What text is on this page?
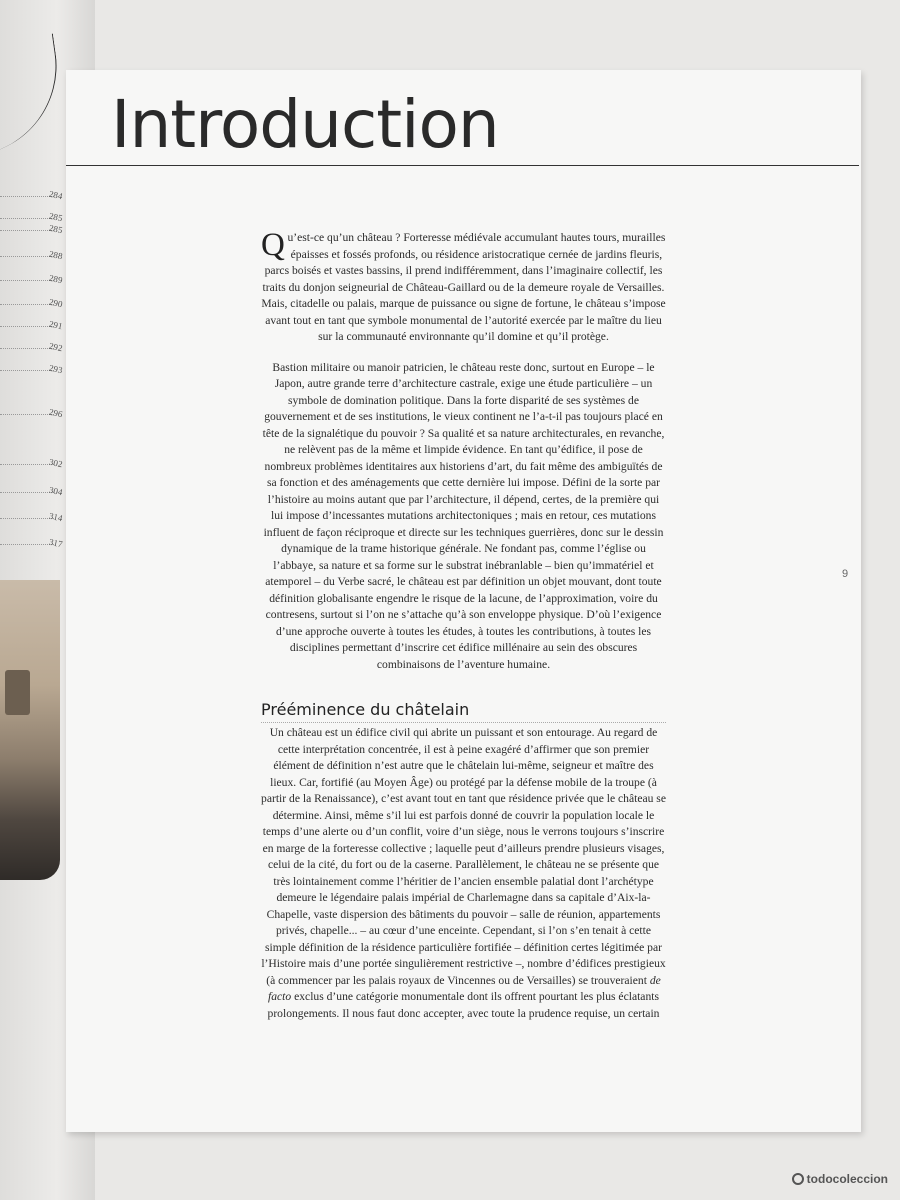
284
285
285
288
289
290
291
292
293
296
302
304
314
317
Introduction

Qu’est-ce qu’un château ? Forteresse médiévale accumulant hautes tours, murailles épaisses et fossés profonds, ou résidence aristocratique cernée de jardins fleuris, parcs boisés et vastes bassins, il prend indifféremment, dans l’imaginaire collectif, les traits du donjon seigneurial de Château-Gaillard ou de la demeure royale de Versailles. Mais, citadelle ou palais, marque de puissance ou signe de fortune, le château s’impose avant tout en tant que symbole monumental de l’autorité exercée par le maître du lieu sur la communauté environnante qu’il domine et qu’il protège.

Bastion militaire ou manoir patricien, le château reste donc, surtout en Europe – le Japon, autre grande terre d’architecture castrale, exige une étude particulière – un symbole de domination politique. Dans la forte disparité de ses systèmes de gouvernement et de ses institutions, le vieux continent ne l’a-t-il pas toujours placé en tête de la signalétique du pouvoir ? Sa qualité et sa nature architecturales, en revanche, ne relèvent pas de la même et limpide évidence. En tant qu’édifice, il pose de nombreux problèmes identitaires aux historiens d’art, du fait même des ambiguïtés de sa fonction et des aménagements que cette dernière lui impose. Défini de la sorte par l’histoire au moins autant que par l’architecture, il dépend, certes, de la première qui lui impose d’incessantes mutations architectoniques ; mais en retour, ces mutations influent de façon réciproque et directe sur les techniques guerrières, donc sur le dessin dynamique de la trame historique générale. Ne fondant pas, comme l’église ou l’abbaye, sa nature et sa forme sur le substrat inébranlable – bien qu’immatériel et atemporel – du Verbe sacré, le château est par définition un objet mouvant, dont toute définition globalisante engendre le risque de la lacune, de l’approximation, voire du contresens, surtout si l’on ne s’attache qu’à son enveloppe physique. D’où l’exigence d’une approche ouverte à toutes les études, à toutes les contributions, à toutes les disciplines permettant d’inscrire cet édifice millénaire au sein des obscures combinaisons de l’aventure humaine.

Prééminence du châtelain

Un château est un édifice civil qui abrite un puissant et son entourage. Au regard de cette interprétation concentrée, il est à peine exagéré d’affirmer que son premier élément de définition n’est autre que le châtelain lui-même, seigneur et maître des lieux. Car, fortifié (au Moyen Âge) ou protégé par la défense mobile de la troupe (à partir de la Renaissance), c’est avant tout en tant que résidence privée que le château se détermine. Ainsi, même s’il lui est parfois donné de couvrir la population locale le temps d’une alerte ou d’un conflit, voire d’un siège, nous le verrons toujours s’inscrire en marge de la forteresse collective ; laquelle peut d’ailleurs prendre plusieurs visages, celui de la cité, du fort ou de la caserne. Parallèlement, le château ne se présente que très lointainement comme l’héritier de l’ancien ensemble palatial dont l’archétype demeure le légendaire palais impérial de Charlemagne dans sa capitale d’Aix-la-Chapelle, vaste dispersion des bâtiments du pouvoir – salle de réunion, appartements privés, chapelle... – au cœur d’une enceinte. Cependant, si l’on s’en tenait à cette simple définition de la résidence particulière fortifiée – définition certes légitimée par l’Histoire mais d’une portée singulièrement restrictive –, nombre d’édifices prestigieux (à commencer par les palais royaux de Vincennes ou de Versailles) se trouveraient de facto exclus d’une catégorie monumentale dont ils offrent pourtant les plus éclatants prolongements. Il nous faut donc accepter, avec toute la prudence requise, un certain

9
todocoleccion
